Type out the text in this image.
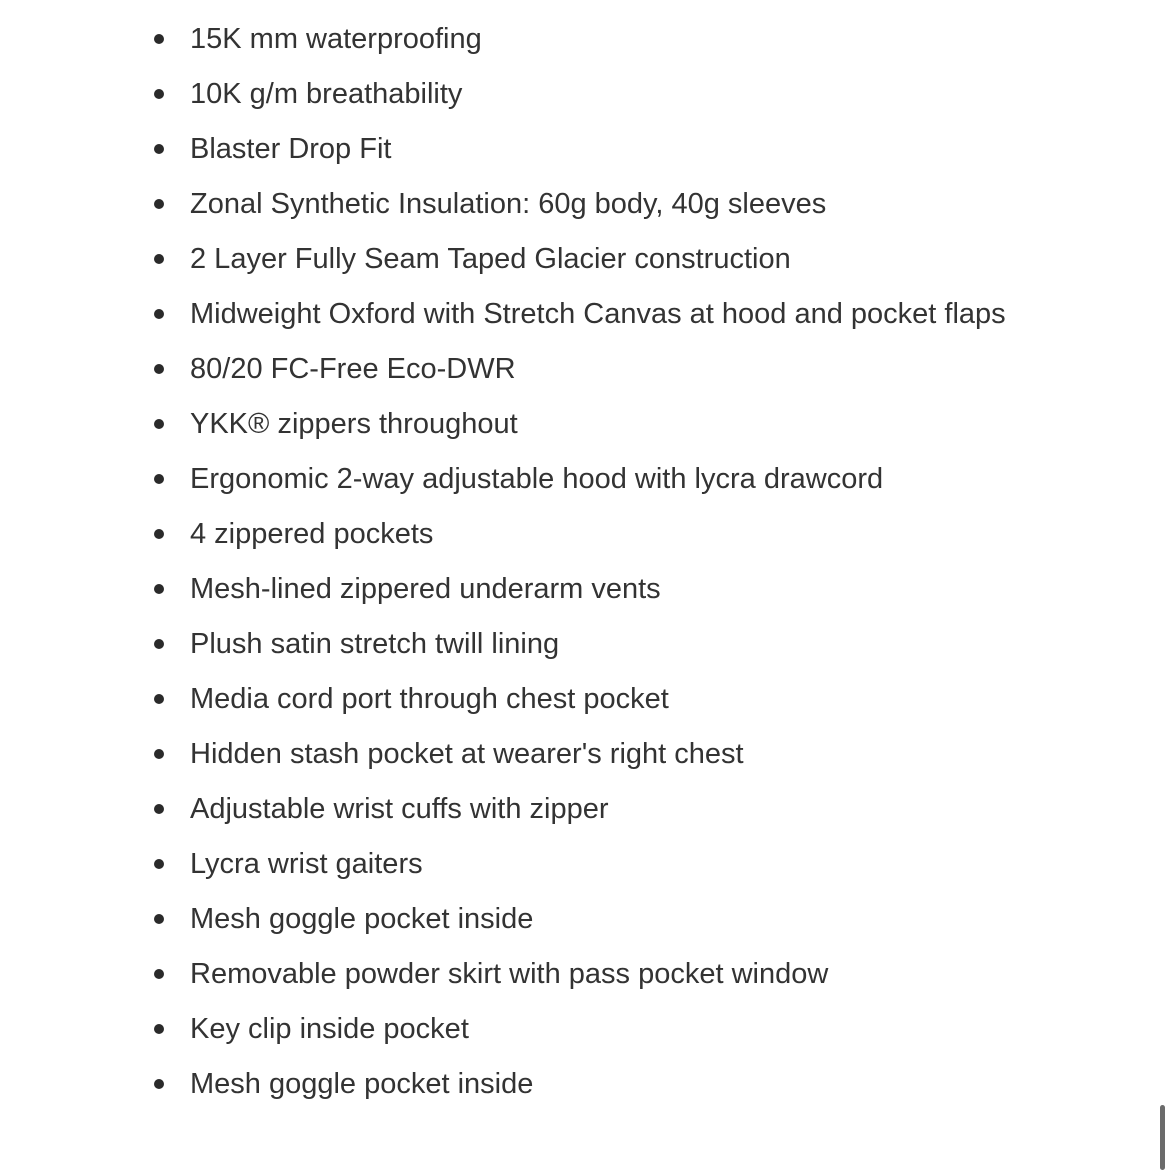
15K mm waterproofing
10K g/m breathability
Blaster Drop Fit
Zonal Synthetic Insulation: 60g body, 40g sleeves
2 Layer Fully Seam Taped Glacier construction
Midweight Oxford with Stretch Canvas at hood and pocket flaps
80/20 FC-Free Eco-DWR
YKK® zippers throughout
Ergonomic 2-way adjustable hood with lycra drawcord
4 zippered pockets
Mesh-lined zippered underarm vents
Plush satin stretch twill lining
Media cord port through chest pocket
Hidden stash pocket at wearer's right chest
Adjustable wrist cuffs with zipper
Lycra wrist gaiters
Mesh goggle pocket inside
Removable powder skirt with pass pocket window
Key clip inside pocket
Mesh goggle pocket inside
